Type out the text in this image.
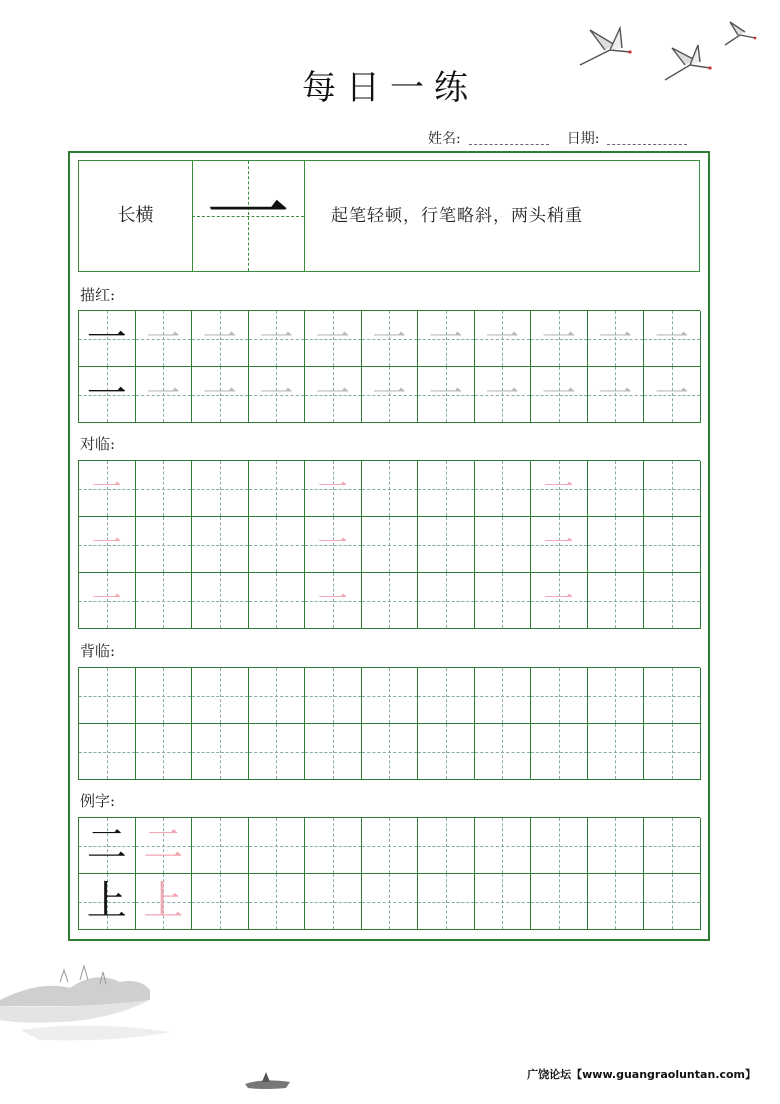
每日一练
姓名:	日期:
长横 一	起笔轻顿，行笔略斜，两头稍重
描红:
一 一 一 一 一 一 一 一 一 一 一
一 一 一 一 一 一 一 一 一 一 一
对临:
一	一	一
一	一	一
一	一	一
背临:
例字:
二 二
上 上
广饶论坛【www.guangraoluntan.com】
